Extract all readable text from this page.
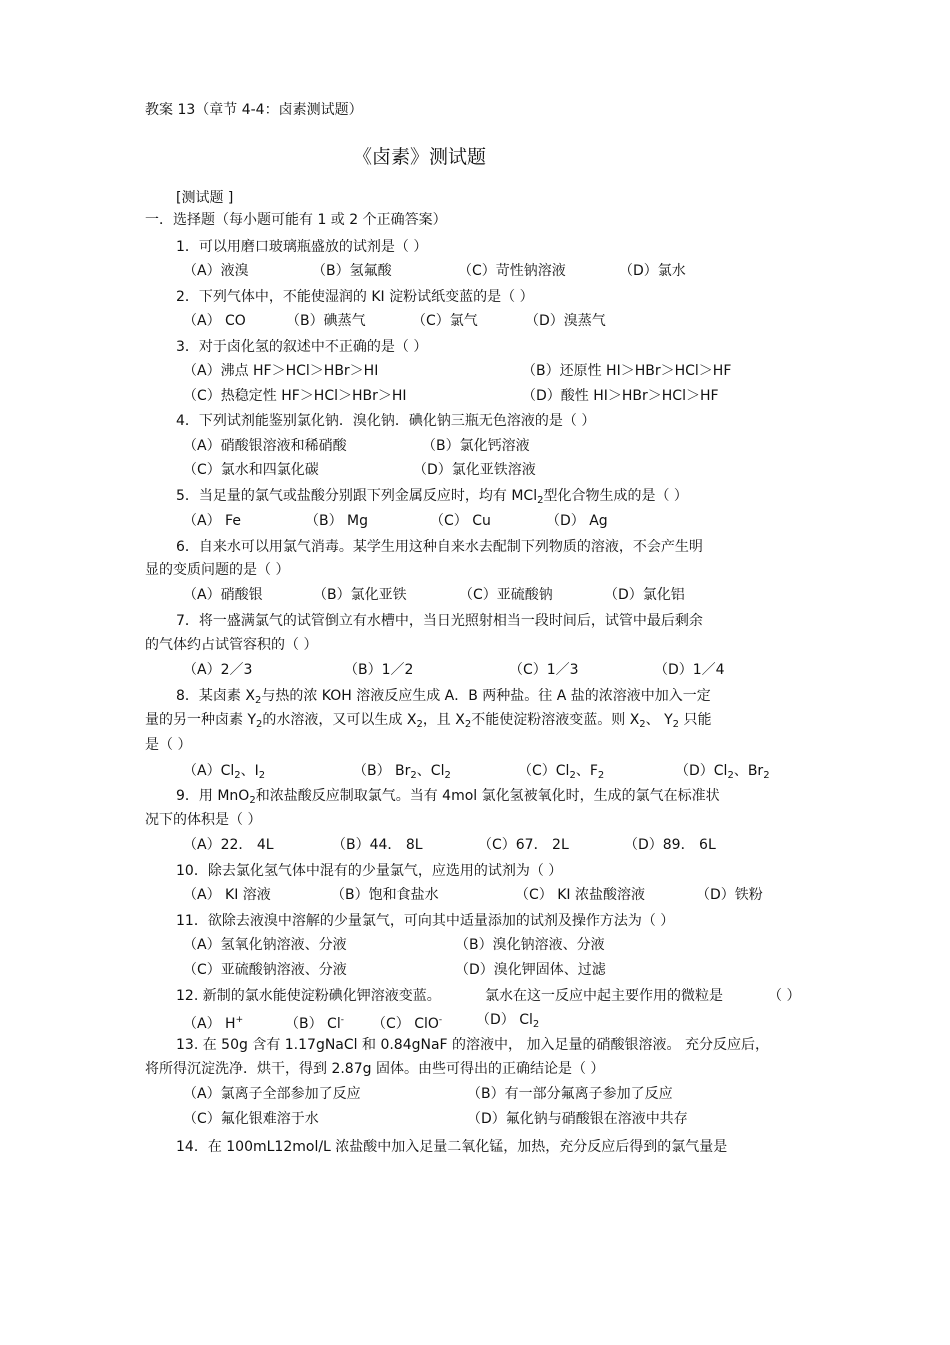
教案 13（章节 4-4：卤素测试题）
《卤素》测试题
[测试题 ]
一．选择题（每小题可能有 1 或 2 个正确答案）
1．可以用磨口玻璃瓶盛放的试剂是（ ）
（A）液溴	（B）氢氟酸	（C）苛性钠溶液	（D）氯水
2．下列气体中，不能使湿润的 KI 淀粉试纸变蓝的是（ ）
（A） CO	（B）碘蒸气	（C）氯气	（D）溴蒸气
3．对于卤化氢的叙述中不正确的是（ ）
（A）沸点 HF＞HCl＞HBr＞HI	（B）还原性 HI＞HBr＞HCl＞HF
（C）热稳定性 HF＞HCl＞HBr＞HI	（D）酸性 HI＞HBr＞HCl＞HF
4．下列试剂能鉴别氯化钠．溴化钠．碘化钠三瓶无色溶液的是（ ）
（A）硝酸银溶液和稀硝酸	（B）氯化钙溶液
（C）氯水和四氯化碳	（D）氯化亚铁溶液
5．当足量的氯气或盐酸分别跟下列金属反应时，均有 MCl$_2$型化合物生成的是（ ）
（A） Fe	（B） Mg	（C） Cu	（D） Ag
6．自来水可以用氯气消毒。某学生用这种自来水去配制下列物质的溶液，不会产生明
显的变质问题的是（ ）
（A）硝酸银	（B）氯化亚铁	（C）亚硫酸钠	（D）氯化铝
7．将一盛满氯气的试管倒立有水槽中，当日光照射相当一段时间后，试管中最后剩余
的气体约占试管容积的（ ）
（A）2／3	（B）1／2	（C）1／3	（D）1／4
8．某卤素 $X_2$与热的浓 KOH 溶液反应生成 A．B 两种盐。往 A 盐的浓溶液中加入一定
量的另一种卤素 $Y_2$的水溶液，又可以生成 $X_2$，且 $X_2$不能使淀粉溶液变蓝。则 $X_2$、 $Y_2$ 只能
是（ ）
$(A)Cl_2$、$I_2$	（B） $Br_2$、$Cl_2$	$(C)Cl_2$、$F_2$	$(D)Cl_2$、$Br_2$
9．用 MnO$_2$和浓盐酸反应制取氯气。当有 4mol 氯化氢被氧化时，生成的氯气在标准状
况下的体积是（ ）
（A）22． 4L	（B）44． 8L	（C）67． 2L	（D）89． 6L
10．除去氯化氢气体中混有的少量氯气，应选用的试剂为（ ）
（A） KI 溶液	（B）饱和食盐水	（C） KI 浓盐酸溶液	（D）铁粉
11．欲除去液溴中溶解的少量氯气，可向其中适量添加的试剂及操作方法为（ ）
（A）氢氧化钠溶液、分液	（B）溴化钠溶液、分液
（C）亚硫酸钠溶液、分液	（D）溴化钾固体、过滤
12. 新制的氯水能使淀粉碘化钾溶液变蓝。	氯水在这一反应中起主要作用的微粒是	（ ）
（A） H+	（B） Cl- （C） ClO- （D） $Cl_2$
13. 在 50g 含有 1.17gNaCl 和 0.84gNaF 的溶液中， 加入足量的硝酸银溶液。 充分反应后，
将所得沉淀洗净．烘干，得到 2.87g 固体。由些可得出的正确结论是（ ）
（A）氯离子全部参加了反应	（B）有一部分氟离子参加了反应
（C）氟化银难溶于水	（D）氟化钠与硝酸银在溶液中共存
14．在 100mL12mol/L 浓盐酸中加入足量二氧化锰，加热，充分反应后得到的氯气量是
